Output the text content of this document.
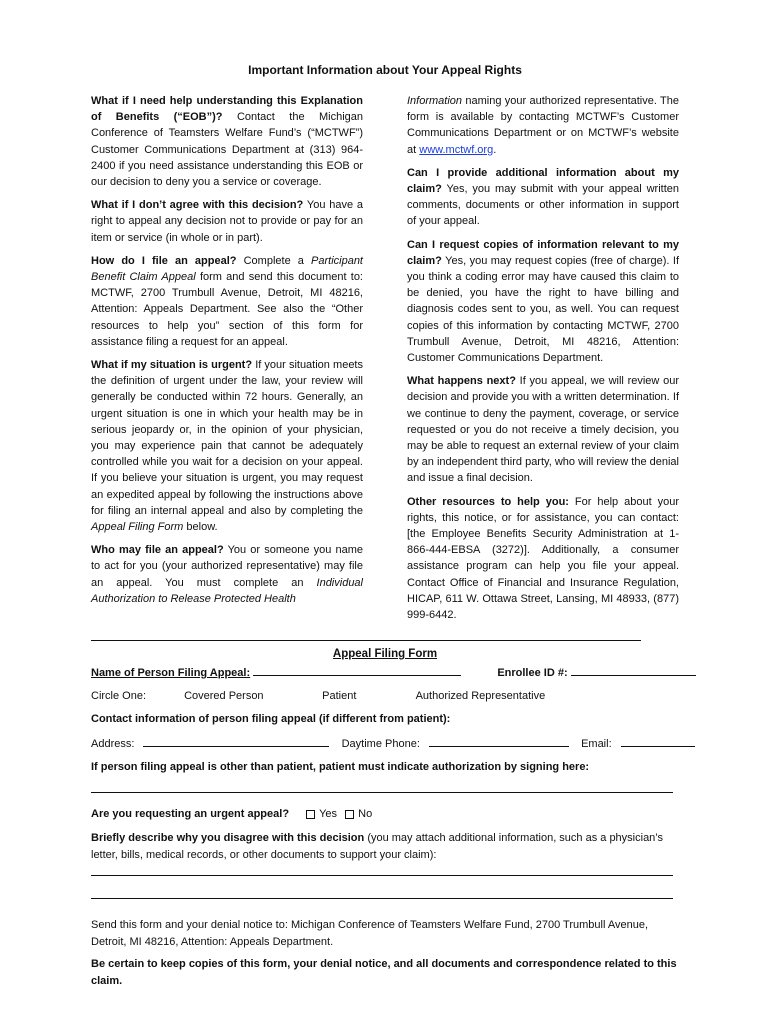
Important Information about Your Appeal Rights

What if I need help understanding this Explanation of Benefits (“EOB”)? Contact the Michigan Conference of Teamsters Welfare Fund’s (“MCTWF”) Customer Communications Department at (313) 964-2400 if you need assistance understanding this EOB or our decision to deny you a service or coverage.

What if I don’t agree with this decision? You have a right to appeal any decision not to provide or pay for an item or service (in whole or in part).

How do I file an appeal? Complete a Participant Benefit Claim Appeal form and send this document to: MCTWF, 2700 Trumbull Avenue, Detroit, MI 48216, Attention: Appeals Department. See also the “Other resources to help you” section of this form for assistance filing a request for an appeal.

What if my situation is urgent? If your situation meets the definition of urgent under the law, your review will generally be conducted within 72 hours. Generally, an urgent situation is one in which your health may be in serious jeopardy or, in the opinion of your physician, you may experience pain that cannot be adequately controlled while you wait for a decision on your appeal. If you believe your situation is urgent, you may request an expedited appeal by following the instructions above for filing an internal appeal and also by completing the Appeal Filing Form below.

Who may file an appeal? You or someone you name to act for you (your authorized representative) may file an appeal. You must complete an Individual Authorization to Release Protected Health

Information naming your authorized representative. The form is available by contacting MCTWF’s Customer Communications Department or on MCTWF’s website at www.mctwf.org.

Can I provide additional information about my claim? Yes, you may submit with your appeal written comments, documents or other information in support of your appeal.

Can I request copies of information relevant to my claim? Yes, you may request copies (free of charge). If you think a coding error may have caused this claim to be denied, you have the right to have billing and diagnosis codes sent to you, as well. You can request copies of this information by contacting MCTWF, 2700 Trumbull Avenue, Detroit, MI 48216, Attention: Customer Communications Department.

What happens next? If you appeal, we will review our decision and provide you with a written determination. If we continue to deny the payment, coverage, or service requested or you do not receive a timely decision, you may be able to request an external review of your claim by an independent third party, who will review the denial and issue a final decision.

Other resources to help you: For help about your rights, this notice, or for assistance, you can contact: [the Employee Benefits Security Administration at 1-866-444-EBSA (3272)]. Additionally, a consumer assistance program can help you file your appeal. Contact Office of Financial and Insurance Regulation, HICAP, 611 W. Ottawa Street, Lansing, MI 48933, (877) 999-6442.

Appeal Filing Form
Name of Person Filing Appeal:	Enrollee ID #:
Circle One:	Covered Person	Patient	Authorized Representative
Contact information of person filing appeal (if different from patient):
Address:	Daytime Phone:	Email:
If person filing appeal is other than patient, patient must indicate authorization by signing here:
Are you requesting an urgent appeal?	Yes No
Briefly describe why you disagree with this decision (you may attach additional information, such as a physician’s letter, bills, medical records, or other documents to support your claim):
Send this form and your denial notice to: Michigan Conference of Teamsters Welfare Fund, 2700 Trumbull Avenue, Detroit, MI 48216, Attention: Appeals Department.
Be certain to keep copies of this form, your denial notice, and all documents and correspondence related to this claim.
